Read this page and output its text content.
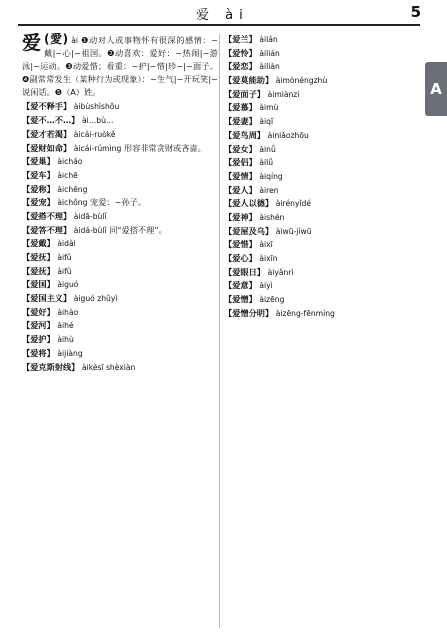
爱 ài	5
A
爱 (愛) ài ❶动对人或事物怀有很深的感情：~戴|~心|~祖国。❷动喜欢：爱好：~热闹|~游泳|~运动。❸动爱惜；看重：~护|~惜|珍~|~面子。❹副常常发生（某种行为或现象）：~生气|~开玩笑|~说闲话。❺（A）姓。
【爱不释手】 àibùshìshǒu
【爱不…不…】 ài…bù…
【爱才若渴】 àicái-ruòkě
【爱财如命】 àicái-rúmìng 形容非常贪财或吝啬。
【爱巢】 àicháo
【爱车】 àichē
【爱称】 àichēng
【爱宠】 àichǒng 宠爱：~孙子。
【爱搭不理】 àidā-bùlǐ
【爱答不理】 àidá-bùlǐ 同“爱搭不理”。
【爱戴】 àidài
【爱抚】 àifǔ
【爱抚】 àifǔ
【爱国】 àiguó
【爱国主义】 àiguó zhǔyì
【爱好】 àihào
【爱河】 àihé
【爱护】 àihù
【爱将】 àijiàng
【爱克斯射线】 àikèsī shèxiàn
【爱兰】 àilán
【爱怜】 àilián
【爱恋】 àiliàn
【爱莫能助】 àimònéngzhù
【爱面子】 àimiànzi
【爱慕】 àimù
【爱妻】 àiqī
【爱鸟周】 àiniǎozhōu
【爱女】 àinǚ
【爱侣】 àilǚ
【爱情】 àiqíng
【爱人】 àiren
【爱人以德】 àirényǐdé
【爱神】 àishén
【爱屋及乌】 àiwū-jíwū
【爱惜】 àixī
【爱心】 àixīn
【爱眼日】 àiyǎnrì
【爱意】 àiyì
【爱憎】 àizēng
【爱憎分明】 àizēng-fēnmíng
